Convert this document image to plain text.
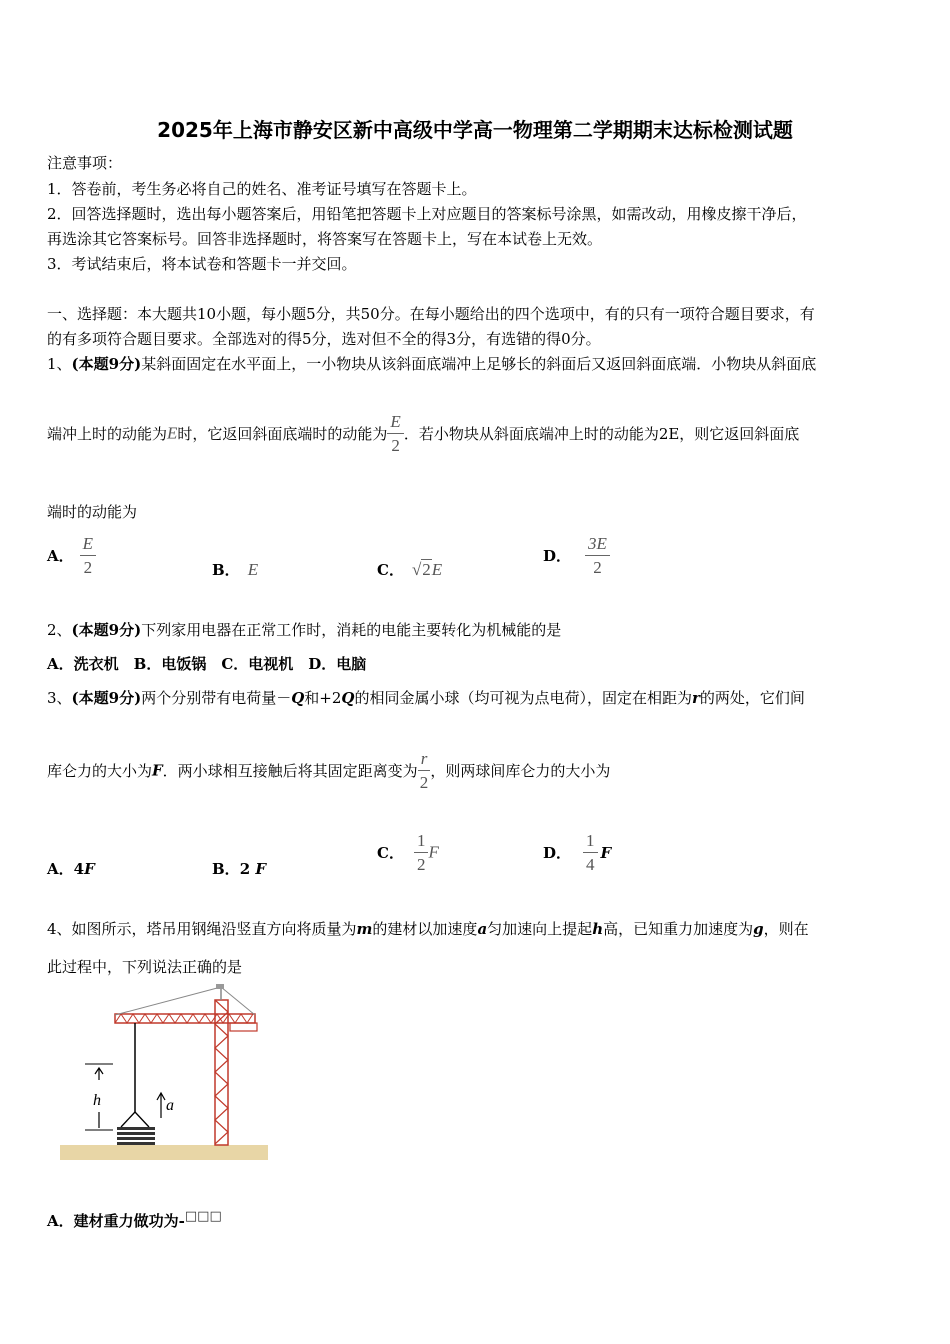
2025年上海市静安区新中高级中学高一物理第二学期期末达标检测试题
注意事项：
1．答卷前，考生务必将自己的姓名、准考证号填写在答题卡上。
2．回答选择题时，选出每小题答案后，用铅笔把答题卡上对应题目的答案标号涂黑，如需改动，用橡皮擦干净后，
再选涂其它答案标号。回答非选择题时，将答案写在答题卡上，写在本试卷上无效。
3．考试结束后，将本试卷和答题卡一并交回。
一、选择题：本大题共10小题，每小题5分，共50分。在每小题给出的四个选项中，有的只有一项符合题目要求，有
的有多项符合题目要求。全部选对的得5分，选对但不全的得3分，有选错的得0分。
1、(本题9分)某斜面固定在水平面上，一小物块从该斜面底端冲上足够长的斜面后又返回斜面底端．小物块从斜面底
端冲上时的动能为E时，它返回斜面底端时的动能为 $\frac{E}{2}$ ．若小物块从斜面底端冲上时的动能为2E，则它返回斜面底
端时的动能为
A． $\frac{E}{2}$	B． E	C． √2E
D． $\frac{3E}{2}$
2、(本题9分)下列家用电器在正常工作时，消耗的电能主要转化为机械能的是
A．洗衣机　B．电饭锅　C．电视机　D．电脑
3、(本题9分)两个分别带有电荷量－Q和+2Q的相同金属小球（均可视为点电荷），固定在相距为r的两处，它们间
库仑力的大小为F．两小球相互接触后将其固定距离变为 $\frac{r}{2}$ ，则两球间库仑力的大小为
A．4F	B．2 F
C． $\frac{1}{2}$ F	D． $\frac{1}{4}$ F
4、如图所示，塔吊用钢绳沿竖直方向将质量为m的建材以加速度a匀加速向上提起h高，已知重力加速度为g，则在
此过程中，下列说法正确的是
h	a
A．建材重力做功为-□□□
